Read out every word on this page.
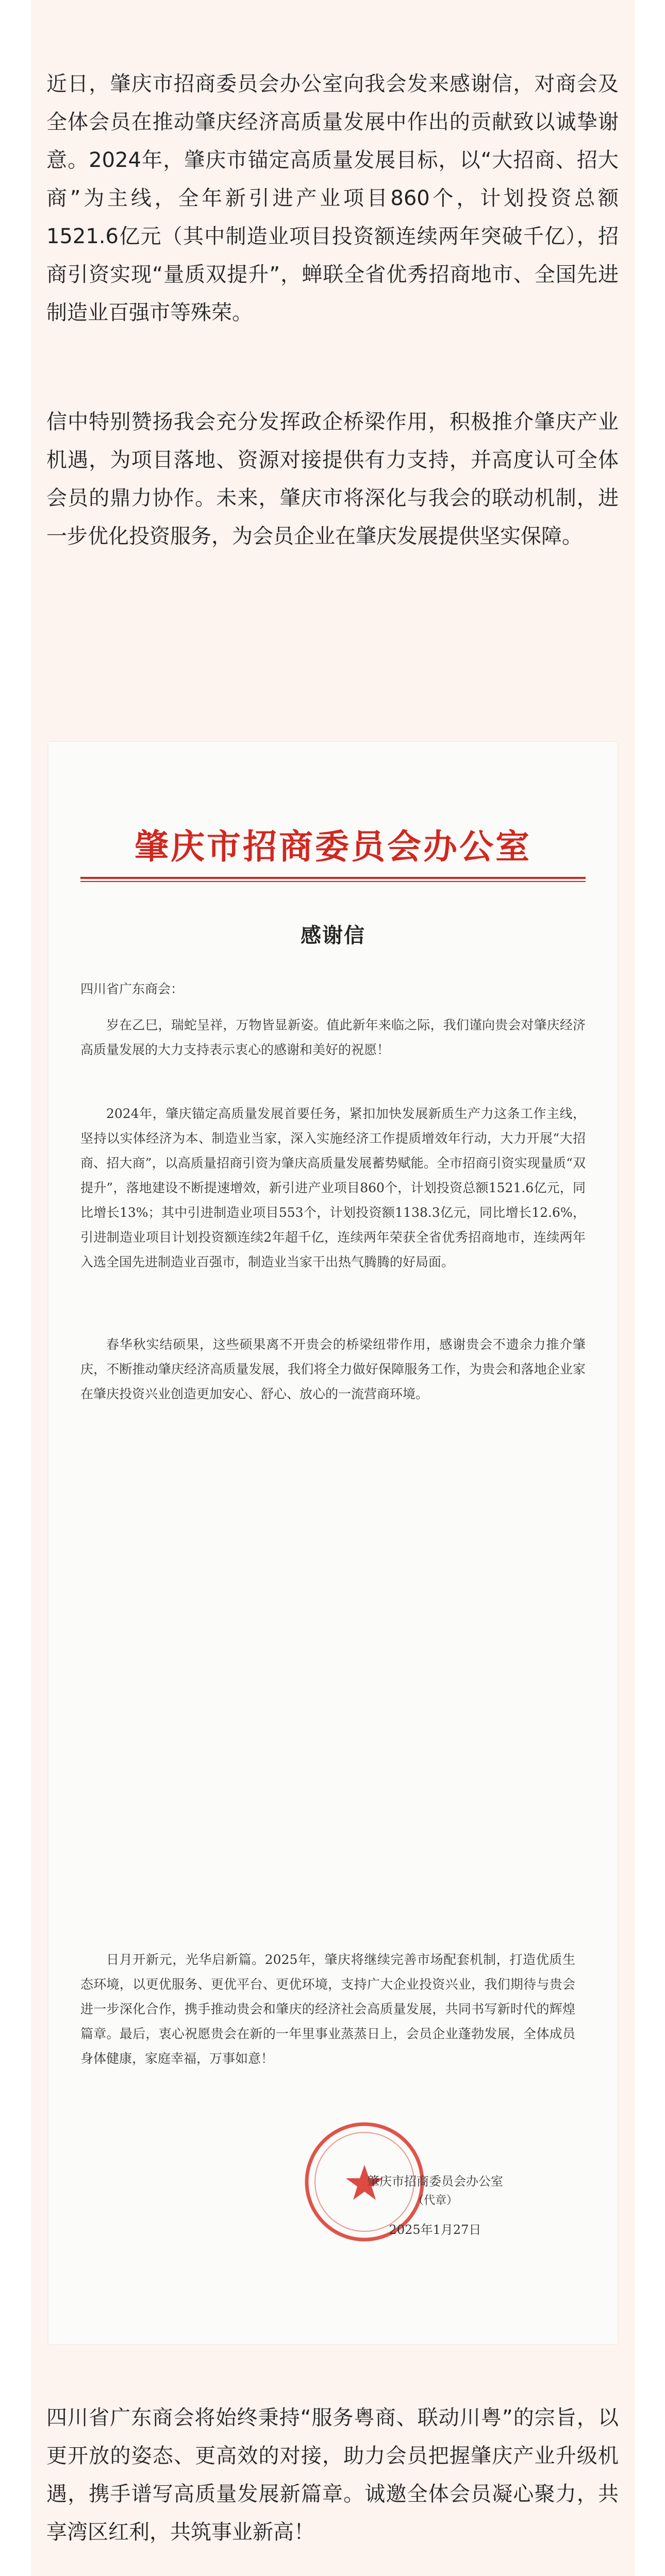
近日，肇庆市招商委员会办公室向我会发来感谢信，对商会及全体会员在推动肇庆经济高质量发展中作出的贡献致以诚挚谢意。2024年，肇庆市锚定高质量发展目标，以“大招商、招大商”为主线，全年新引进产业项目860个，计划投资总额1521.6亿元（其中制造业项目投资额连续两年突破千亿），招商引资实现“量质双提升”，蝉联全省优秀招商地市、全国先进制造业百强市等殊荣。

信中特别赞扬我会充分发挥政企桥梁作用，积极推介肇庆产业机遇，为项目落地、资源对接提供有力支持，并高度认可全体会员的鼎力协作。未来，肇庆市将深化与我会的联动机制，进一步优化投资服务，为会员企业在肇庆发展提供坚实保障。

肇庆市招商委员会办公室
感谢信

四川省广东商会：

岁在乙巳，瑞蛇呈祥，万物皆显新姿。值此新年来临之际，我们谨向贵会对肇庆经济高质量发展的大力支持表示衷心的感谢和美好的祝愿！

2024年，肇庆锚定高质量发展首要任务，紧扣加快发展新质生产力这条工作主线，坚持以实体经济为本、制造业当家，深入实施经济工作提质增效年行动，大力开展“大招商、招大商”，以高质量招商引资为肇庆高质量发展蓄势赋能。全市招商引资实现量质“双提升”，落地建设不断提速增效，新引进产业项目860个，计划投资总额1521.6亿元，同比增长13%；其中引进制造业项目553个，计划投资额1138.3亿元，同比增长12.6%，引进制造业项目计划投资额连续2年超千亿，连续两年荣获全省优秀招商地市，连续两年入选全国先进制造业百强市，制造业当家干出热气腾腾的好局面。

春华秋实结硕果，这些硕果离不开贵会的桥梁纽带作用，感谢贵会不遗余力推介肇庆，不断推动肇庆经济高质量发展，我们将全力做好保障服务工作，为贵会和落地企业家在肇庆投资兴业创造更加安心、舒心、放心的一流营商环境。

日月开新元，光华启新篇。2025年，肇庆将继续完善市场配套机制，打造优质生态环境，以更优服务、更优平台、更优环境，支持广大企业投资兴业，我们期待与贵会进一步深化合作，携手推动贵会和肇庆的经济社会高质量发展，共同书写新时代的辉煌篇章。最后，衷心祝愿贵会在新的一年里事业蒸蒸日上，会员企业蓬勃发展，全体成员身体健康，家庭幸福，万事如意！

肇庆市招商委员会办公室
（代章）
2025年1月27日

四川省广东商会将始终秉持“服务粤商、联动川粤”的宗旨，以更开放的姿态、更高效的对接，助力会员把握肇庆产业升级机遇，携手谱写高质量发展新篇章。诚邀全体会员凝心聚力，共享湾区红利，共筑事业新高！
